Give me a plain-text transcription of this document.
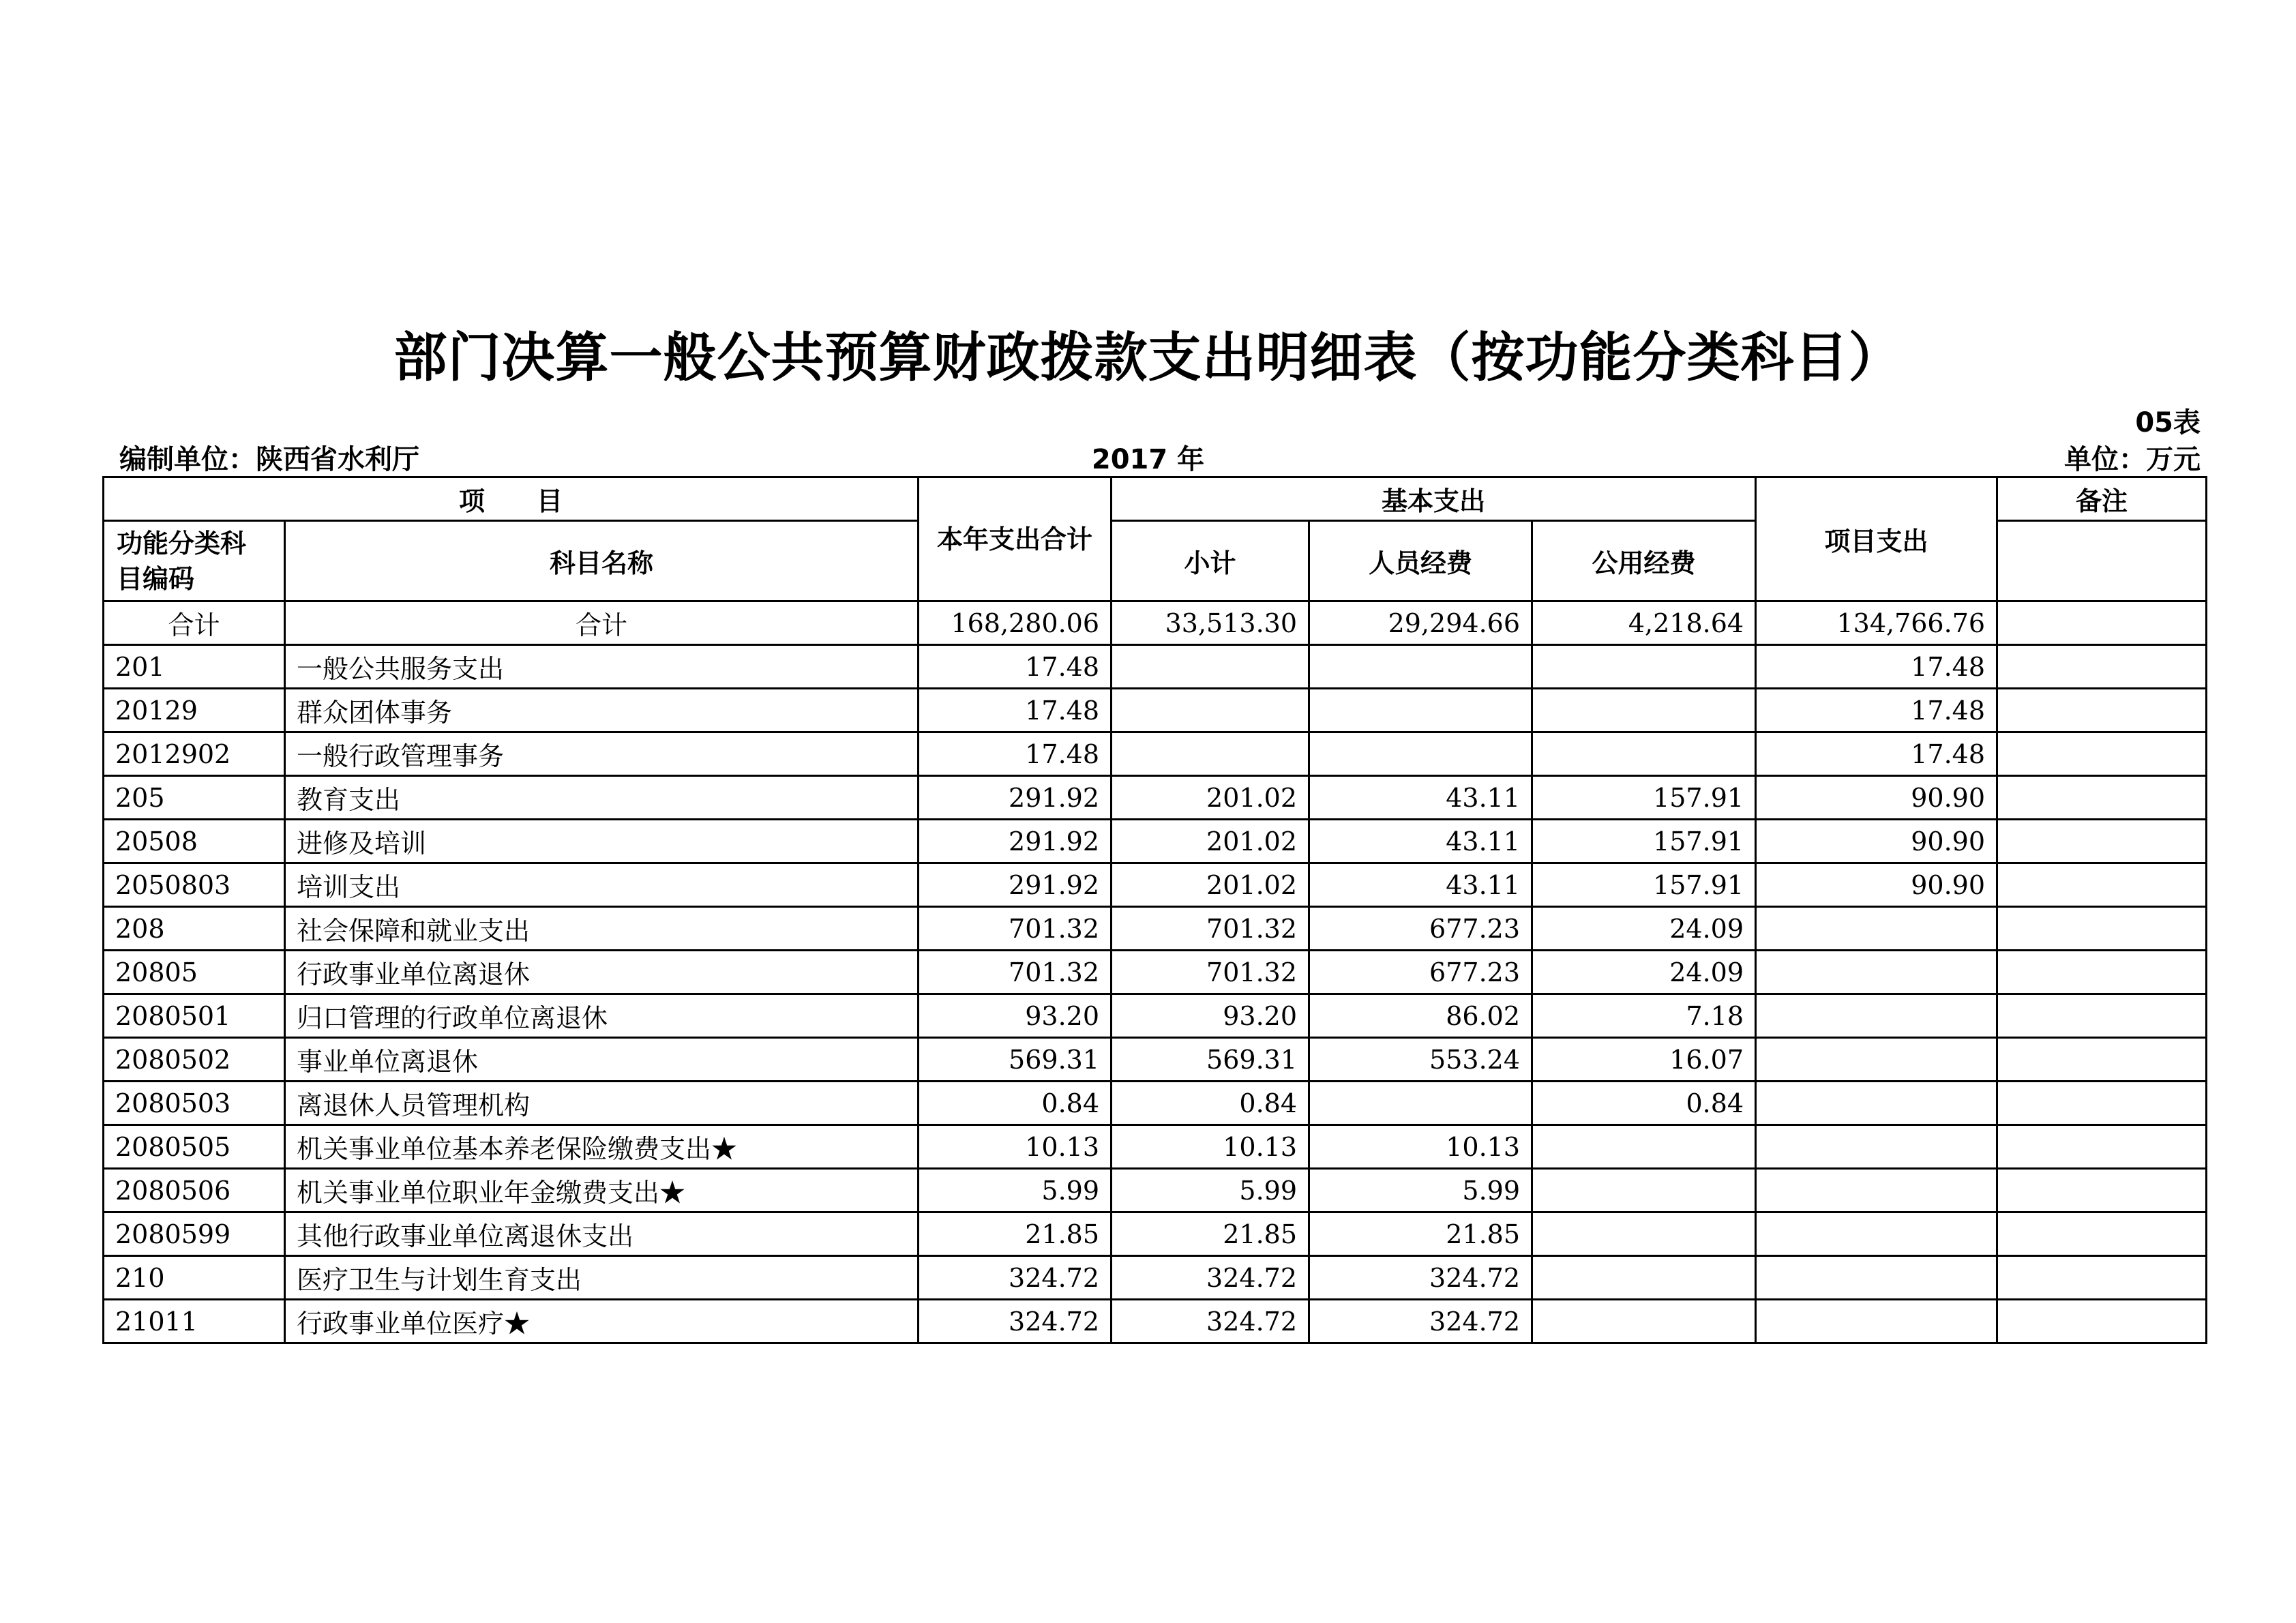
部门决算一般公共预算财政拨款支出明细表（按功能分类科目）
05表
编制单位：陕西省水利厅	2017 年	单位：万元
项　　目		本年支出合计	基本支出			项目支出	备注
功能分类科目编码	科目名称		小计	人员经费	公用经费		
合计	合计	168,280.06	33,513.30	29,294.66	4,218.64	134,766.76	
201	一般公共服务支出	17.48				17.48	
20129	群众团体事务	17.48				17.48	
2012902	一般行政管理事务	17.48				17.48	
205	教育支出	291.92	201.02	43.11	157.91	90.90	
20508	进修及培训	291.92	201.02	43.11	157.91	90.90	
2050803	培训支出	291.92	201.02	43.11	157.91	90.90	
208	社会保障和就业支出	701.32	701.32	677.23	24.09		
20805	行政事业单位离退休	701.32	701.32	677.23	24.09		
2080501	归口管理的行政单位离退休	93.20	93.20	86.02	7.18		
2080502	事业单位离退休	569.31	569.31	553.24	16.07		
2080503	离退休人员管理机构	0.84	0.84		0.84		
2080505	机关事业单位基本养老保险缴费支出★	10.13	10.13	10.13			
2080506	机关事业单位职业年金缴费支出★	5.99	5.99	5.99			
2080599	其他行政事业单位离退休支出	21.85	21.85	21.85			
210	医疗卫生与计划生育支出	324.72	324.72	324.72			
21011	行政事业单位医疗★	324.72	324.72	324.72			
